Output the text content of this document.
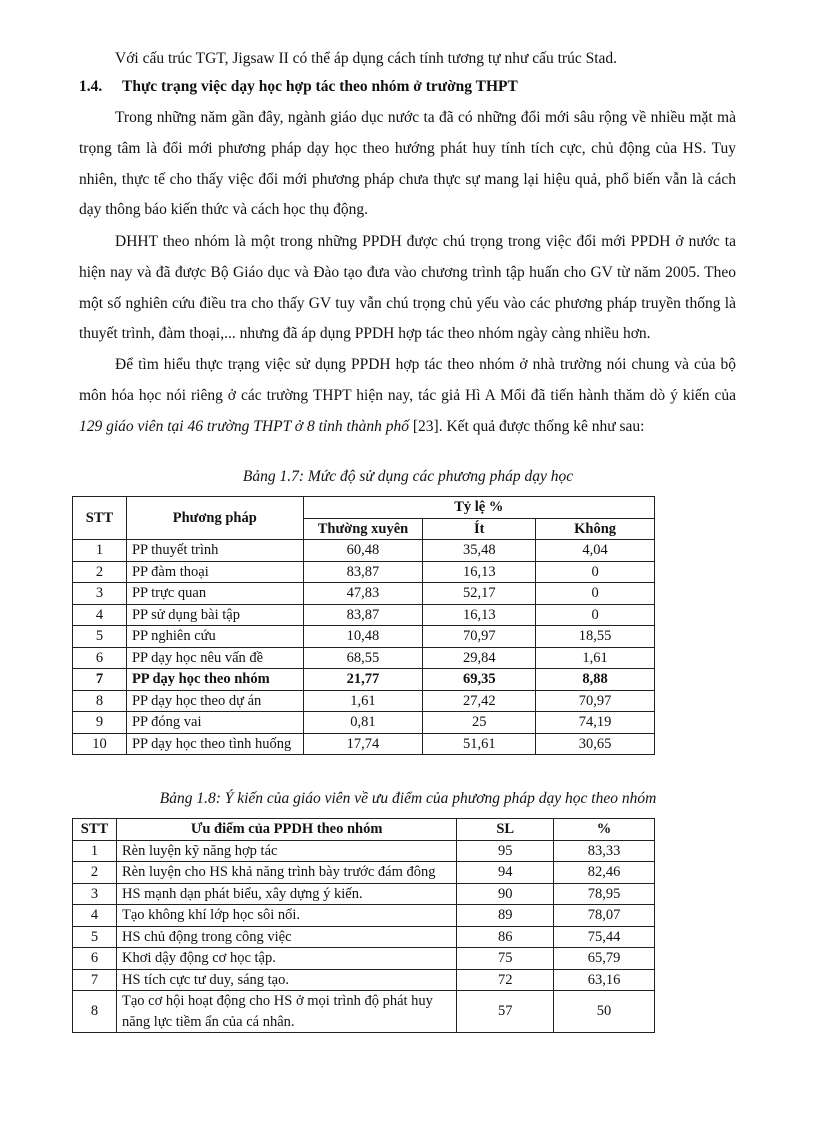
Với cấu trúc TGT, Jigsaw II có thể áp dụng cách tính tương tự như cấu trúc Stad.

1.4. Thực trạng việc dạy học hợp tác theo nhóm ở trường THPT

Trong những năm gần đây, ngành giáo dục nước ta đã có những đổi mới sâu rộng về nhiều mặt mà trọng tâm là đổi mới phương pháp dạy học theo hướng phát huy tính tích cực, chủ động của HS. Tuy nhiên, thực tế cho thấy việc đổi mới phương pháp chưa thực sự mang lại hiệu quả, phổ biến vẫn là cách dạy thông báo kiến thức và cách học thụ động.

DHHT theo nhóm là một trong những PPDH được chú trọng trong việc đổi mới PPDH ở nước ta hiện nay và đã được Bộ Giáo dục và Đào tạo đưa vào chương trình tập huấn cho GV từ năm 2005. Theo một số nghiên cứu điều tra cho thấy GV tuy vẫn chú trọng chủ yếu vào các phương pháp truyền thống là thuyết trình, đàm thoại,... nhưng đã áp dụng PPDH hợp tác theo nhóm ngày càng nhiều hơn.

Để tìm hiểu thực trạng việc sử dụng PPDH hợp tác theo nhóm ở nhà trường nói chung và của bộ môn hóa học nói riêng ở các trường THPT hiện nay, tác giả Hì A Mổi đã tiến hành thăm dò ý kiến của 129 giáo viên tại 46 trường THPT ở 8 tỉnh thành phố [23]. Kết quả được thống kê như sau:

Bảng 1.7: Mức độ sử dụng các phương pháp dạy học

STT	Phương pháp	Tỷ lệ %		
		Thường xuyên	Ít	Không
1	PP thuyết trình	60,48	35,48	4,04
2	PP đàm thoại	83,87	16,13	0
3	PP trực quan	47,83	52,17	0
4	PP sử dụng bài tập	83,87	16,13	0
5	PP nghiên cứu	10,48	70,97	18,55
6	PP dạy học nêu vấn đề	68,55	29,84	1,61
7	PP dạy học theo nhóm	21,77	69,35	8,88
8	PP dạy học theo dự án	1,61	27,42	70,97
9	PP đóng vai	0,81	25	74,19
10	PP dạy học theo tình huống	17,74	51,61	30,65

Bảng 1.8: Ý kiến của giáo viên về ưu điểm của phương pháp dạy học theo nhóm

STT	Ưu điểm của PPDH theo nhóm	SL	%
1	Rèn luyện kỹ năng hợp tác	95	83,33
2	Rèn luyện cho HS khả năng trình bày trước đám đông	94	82,46
3	HS mạnh dạn phát biểu, xây dựng ý kiến.	90	78,95
4	Tạo không khí lớp học sôi nổi.	89	78,07
5	HS chủ động trong công việc	86	75,44
6	Khơi dậy động cơ học tập.	75	65,79
7	HS tích cực tư duy, sáng tạo.	72	63,16
8	Tạo cơ hội hoạt động cho HS ở mọi trình độ phát huy năng lực tiềm ẩn của cá nhân.	57	50
